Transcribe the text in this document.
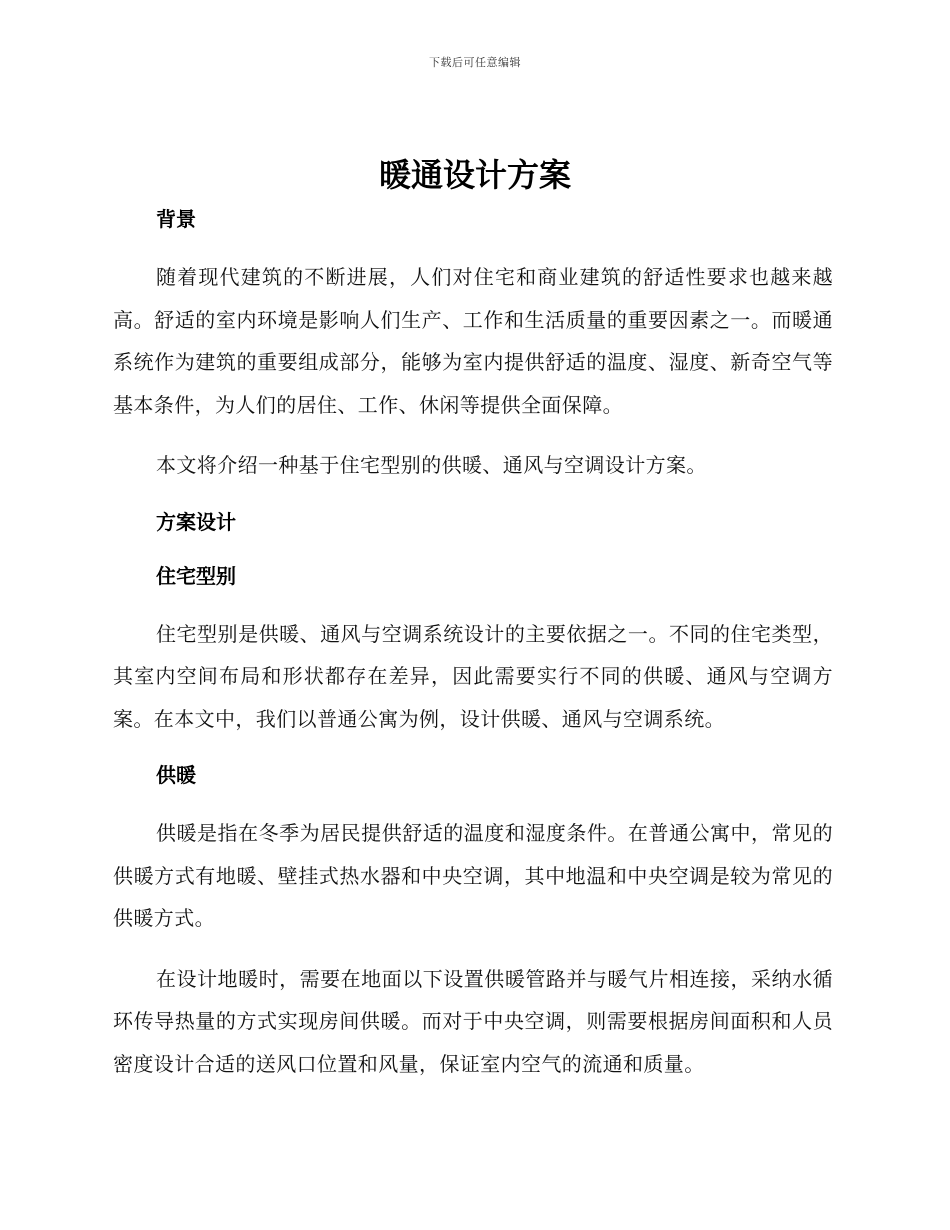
下载后可任意编辑
暖通设计方案
背景

随着现代建筑的不断进展，人们对住宅和商业建筑的舒适性要求也越来越高。舒适的室内环境是影响人们生产、工作和生活质量的重要因素之一。而暖通系统作为建筑的重要组成部分，能够为室内提供舒适的温度、湿度、新奇空气等基本条件，为人们的居住、工作、休闲等提供全面保障。

本文将介绍一种基于住宅型别的供暖、通风与空调设计方案。

方案设计
住宅型别

住宅型别是供暖、通风与空调系统设计的主要依据之一。不同的住宅类型，其室内空间布局和形状都存在差异，因此需要实行不同的供暖、通风与空调方案。在本文中，我们以普通公寓为例，设计供暖、通风与空调系统。

供暖

供暖是指在冬季为居民提供舒适的温度和湿度条件。在普通公寓中，常见的供暖方式有地暖、壁挂式热水器和中央空调，其中地温和中央空调是较为常见的供暖方式。

在设计地暖时，需要在地面以下设置供暖管路并与暖气片相连接，采纳水循环传导热量的方式实现房间供暖。而对于中央空调，则需要根据房间面积和人员密度设计合适的送风口位置和风量，保证室内空气的流通和质量。
